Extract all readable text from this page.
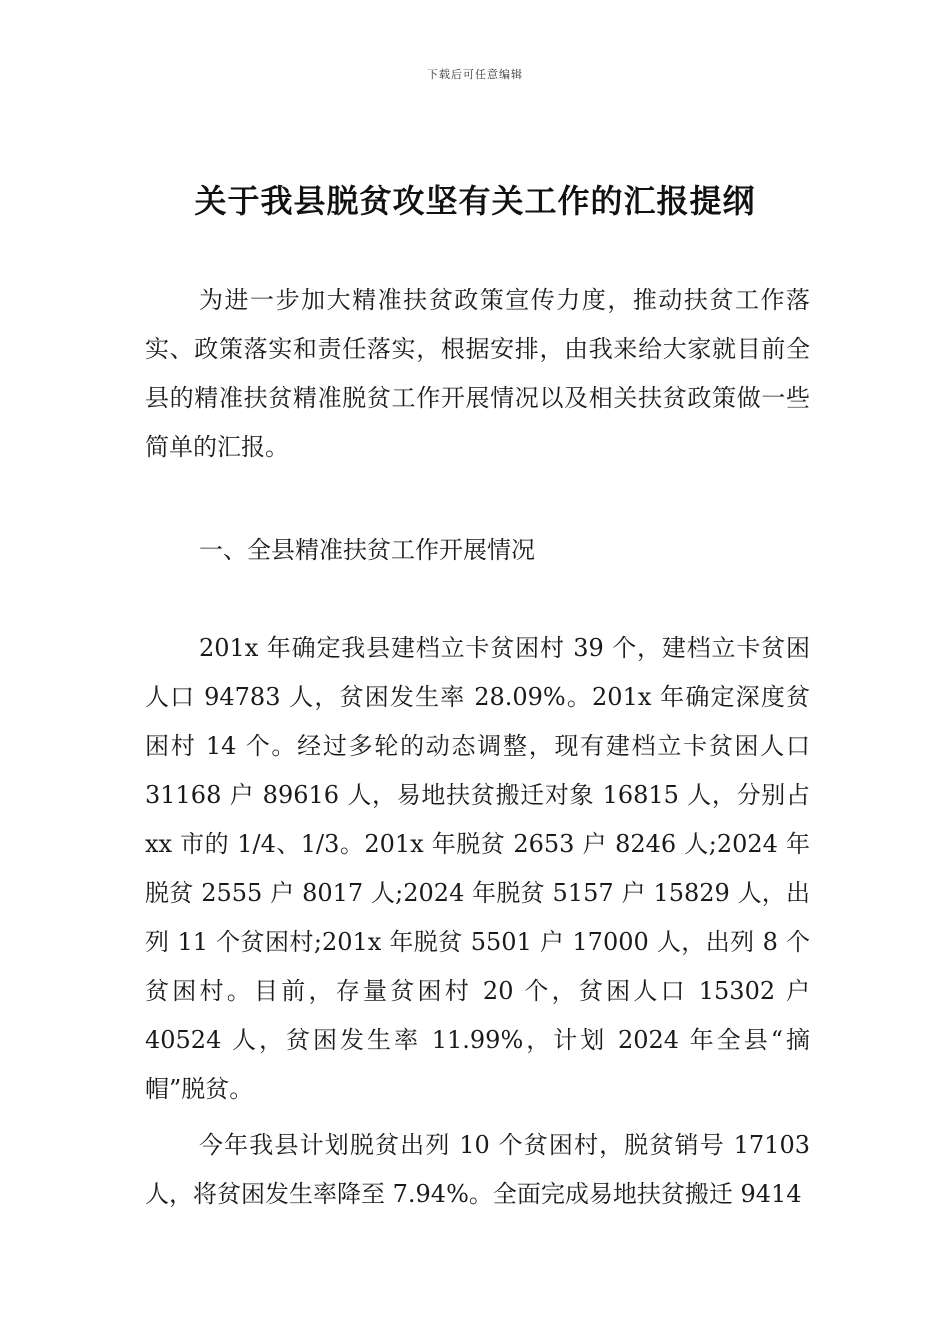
下载后可任意编辑
关于我县脱贫攻坚有关工作的汇报提纲

为进一步加大精准扶贫政策宣传力度，推动扶贫工作落实、政策落实和责任落实，根据安排，由我来给大家就目前全县的精准扶贫精准脱贫工作开展情况以及相关扶贫政策做一些简单的汇报。

一、全县精准扶贫工作开展情况

201x 年确定我县建档立卡贫困村 39 个，建档立卡贫困人口 94783 人，贫困发生率 28.09%。201x 年确定深度贫困村 14 个。经过多轮的动态调整，现有建档立卡贫困人口 31168 户 89616 人，易地扶贫搬迁对象 16815 人，分别占 xx 市的 1/4、1/3。201x 年脱贫 2653 户 8246 人;2024 年脱贫 2555 户 8017 人;2024 年脱贫 5157 户 15829 人，出列 11 个贫困村;201x 年脱贫 5501 户 17000 人，出列 8 个贫困村。目前，存量贫困村 20 个，贫困人口 15302 户 40524 人，贫困发生率 11.99%，计划 2024 年全县“摘帽”脱贫。

今年我县计划脱贫出列 10 个贫困村，脱贫销号 17103 人，将贫困发生率降至 7.94%。全面完成易地扶贫搬迁 9414
